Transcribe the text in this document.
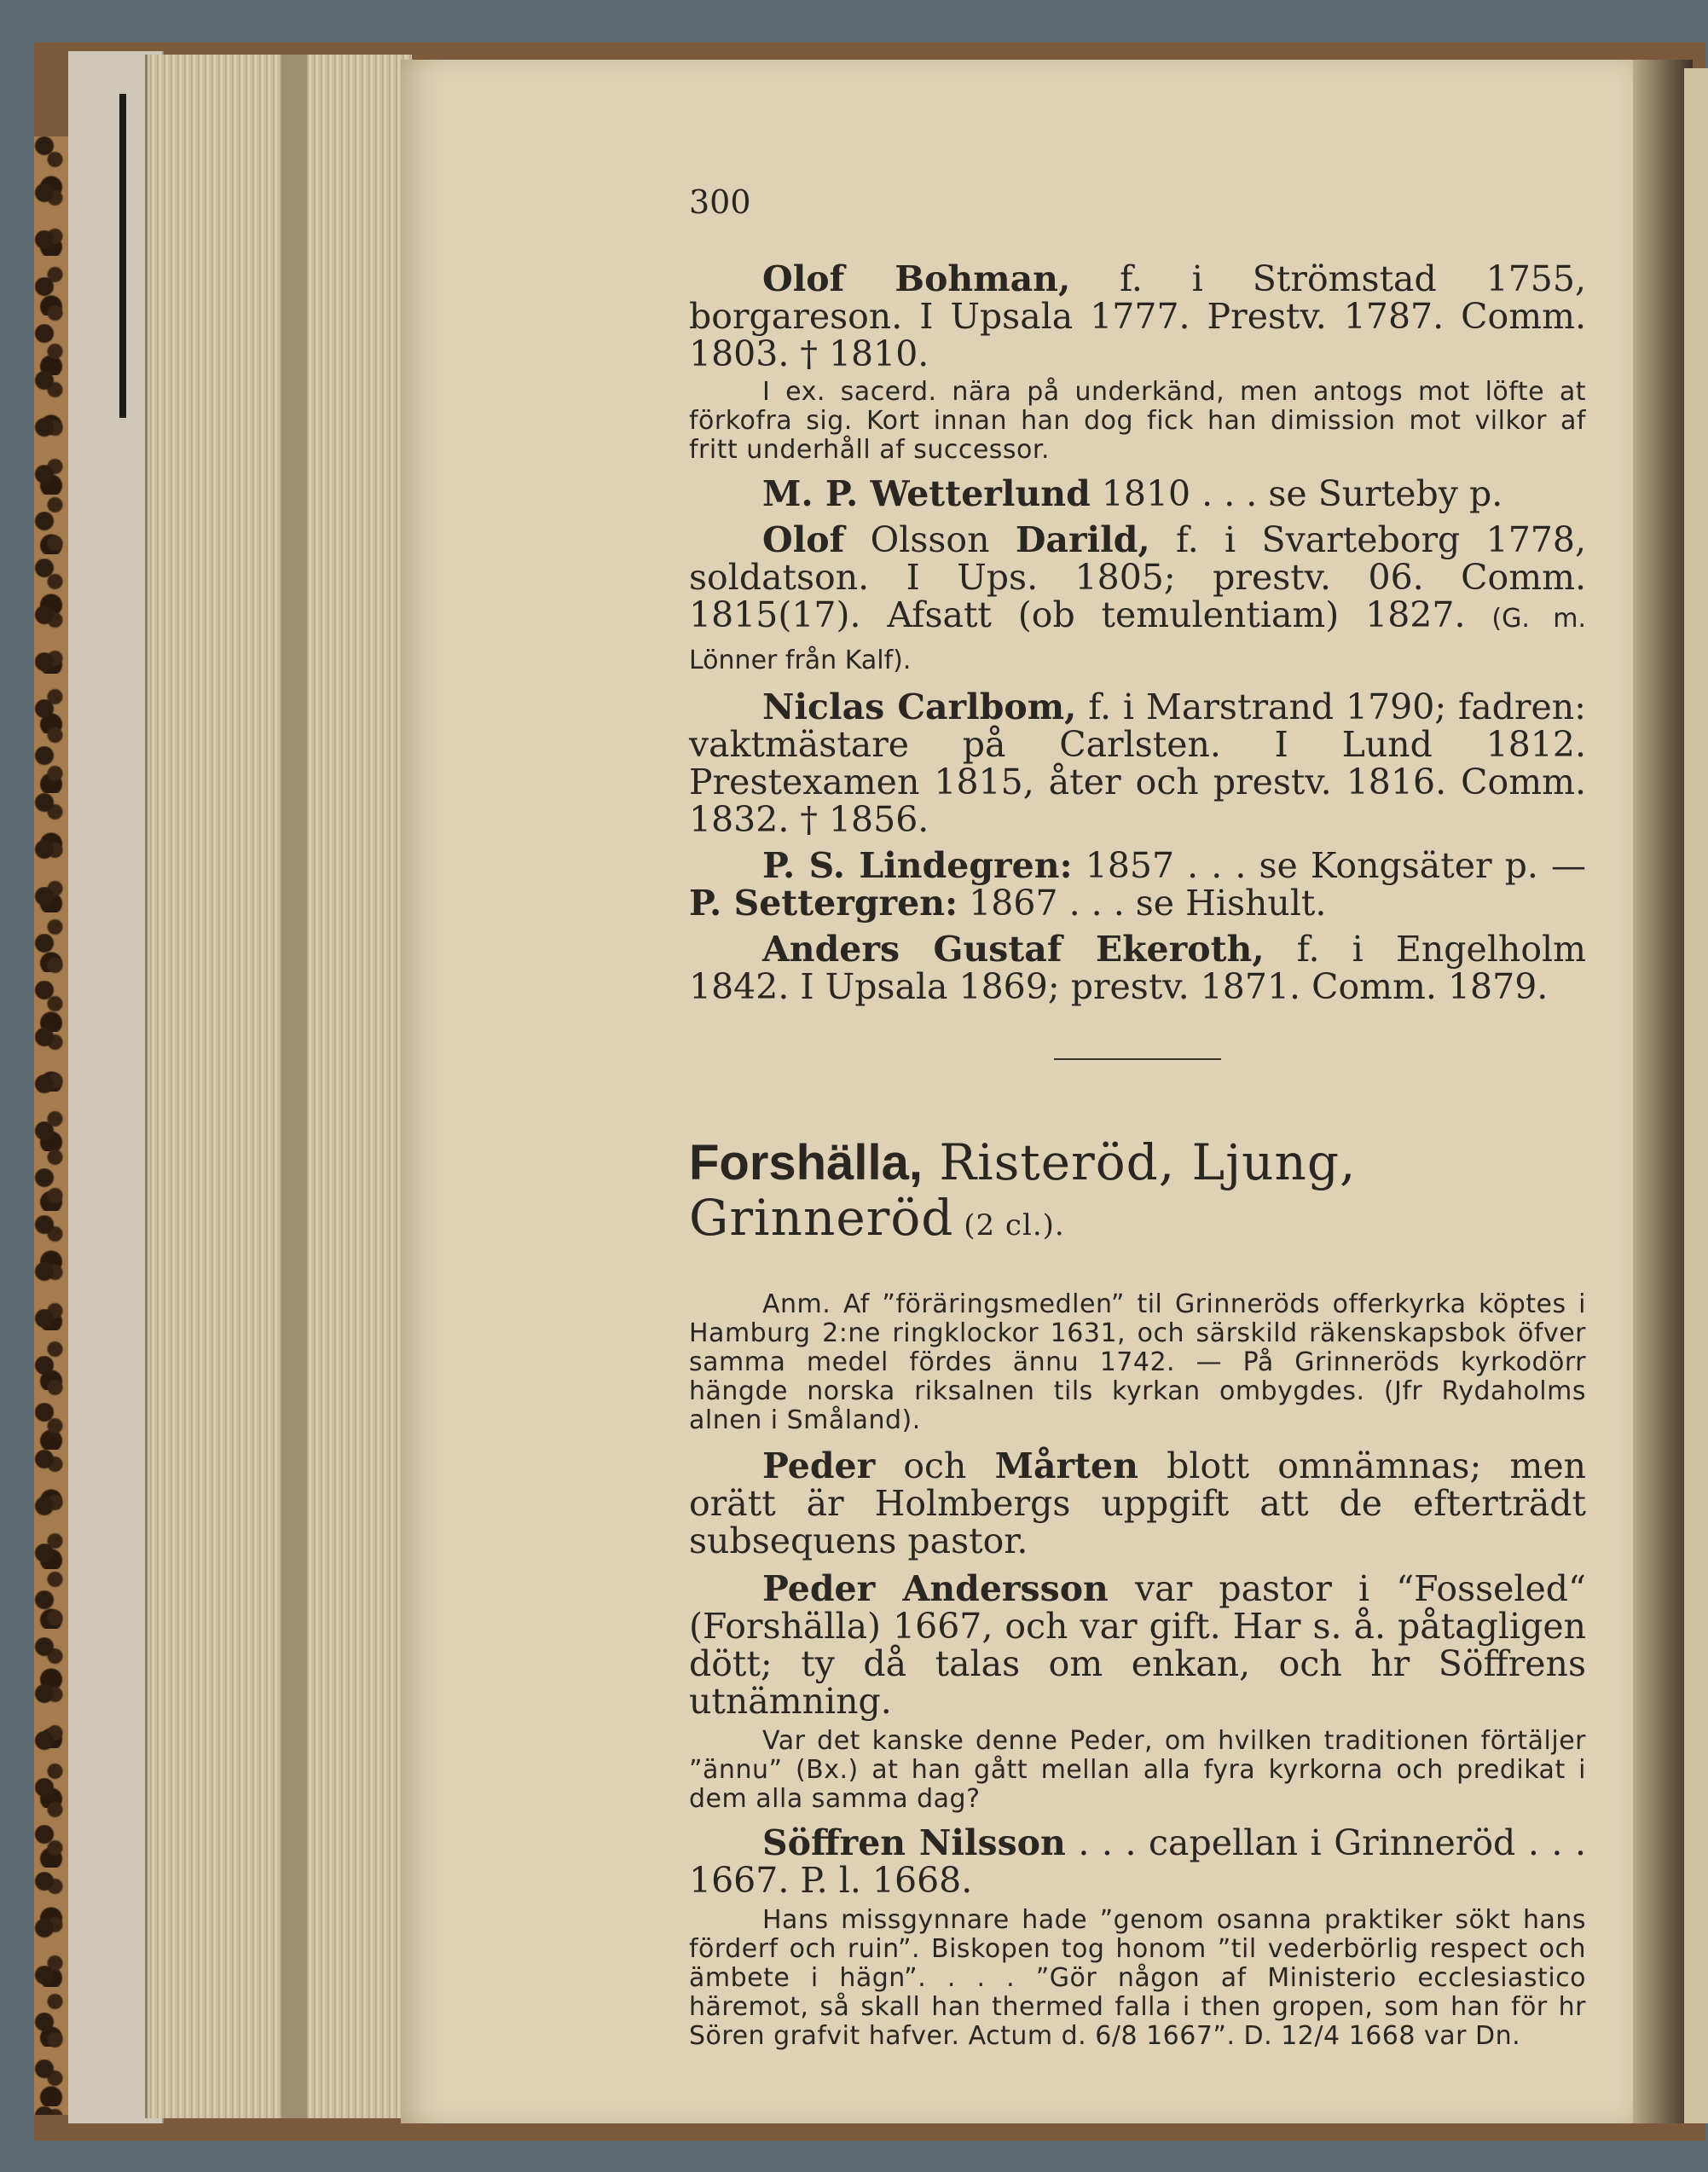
300

Olof Bohman, f. i Strömstad 1755, borgareson. I Upsala 1777. Prestv. 1787. Comm. 1803. † 1810.

I ex. sacerd. nära på underkänd, men antogs mot löfte at förkofra sig. Kort innan han dog fick han dimission mot vilkor af fritt underhåll af successor.

M. P. Wetterlund 1810 . . . se Surteby p.

Olof Olsson Darild, f. i Svarteborg 1778, soldatson. I Ups. 1805; prestv. 06. Comm. 1815(17). Afsatt (ob temulentiam) 1827. (G. m. Lönner från Kalf).

Niclas Carlbom, f. i Marstrand 1790; fadren: vaktmästare på Carlsten. I Lund 1812. Prestexamen 1815, åter och prestv. 1816. Comm. 1832. † 1856.

P. S. Lindegren: 1857 . . . se Kongsäter p. — P. Settergren: 1867 . . . se Hishult.

Anders Gustaf Ekeroth, f. i Engelholm 1842. I Upsala 1869; prestv. 1871. Comm. 1879.

Forshälla, Risteröd, Ljung, Grinneröd (2 cl.).

Anm. Af ”föräringsmedlen” til Grinneröds offerkyrka köptes i Hamburg 2:ne ringklockor 1631, och särskild räkenskapsbok öfver samma medel fördes ännu 1742. — På Grinneröds kyrkodörr hängde norska riksalnen tils kyrkan ombygdes. (Jfr Rydaholms alnen i Småland).

Peder och Mårten blott omnämnas; men orätt är Holmbergs uppgift att de efterträdt subsequens pastor.

Peder Andersson var pastor i “Fosseled“ (Forshälla) 1667, och var gift. Har s. å. påtagligen dött; ty då talas om enkan, och hr Söffrens utnämning.

Var det kanske denne Peder, om hvilken traditionen förtäljer ”ännu” (Bx.) at han gått mellan alla fyra kyrkorna och predikat i dem alla samma dag?

Söffren Nilsson . . . capellan i Grinneröd . . . 1667. P. l. 1668.

Hans missgynnare hade ”genom osanna praktiker sökt hans förderf och ruin”. Biskopen tog honom ”til vederbörlig respect och ämbete i hägn”. . . . ”Gör någon af Ministerio ecclesiastico häremot, så skall han thermed falla i then gropen, som han för hr Sören grafvit hafver. Actum d. 6/8 1667”. D. 12/4 1668 var Dn.
